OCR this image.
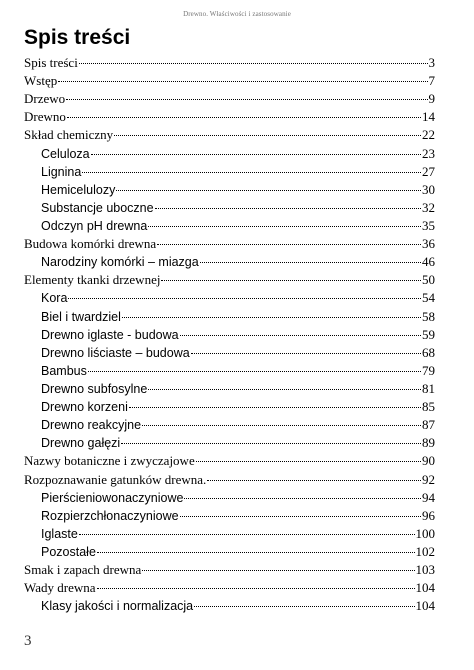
Drewno. Właściwości i zastosowanie
Spis treści
Spis treści	3
Wstęp	7
Drzewo	9
Drewno	14
Skład chemiczny	22
Celuloza	23
Lignina	27
Hemicelulozy	30
Substancje uboczne	32
Odczyn pH drewna	35
Budowa komórki drewna	36
Narodziny komórki – miazga	46
Elementy tkanki drzewnej	50
Kora	54
Biel i twardziel	58
Drewno iglaste - budowa	59
Drewno liściaste – budowa	68
Bambus	79
Drewno subfosylne	81
Drewno korzeni	85
Drewno reakcyjne	87
Drewno gałęzi	89
Nazwy botaniczne i zwyczajowe	90
Rozpoznawanie gatunków drewna.	92
Pierścieniowonaczyniowe	94
Rozpierzchłonaczyniowe	96
Iglaste	100
Pozostałe	102
Smak i zapach drewna	103
Wady drewna	104
Klasy jakości i normalizacja	104
3
